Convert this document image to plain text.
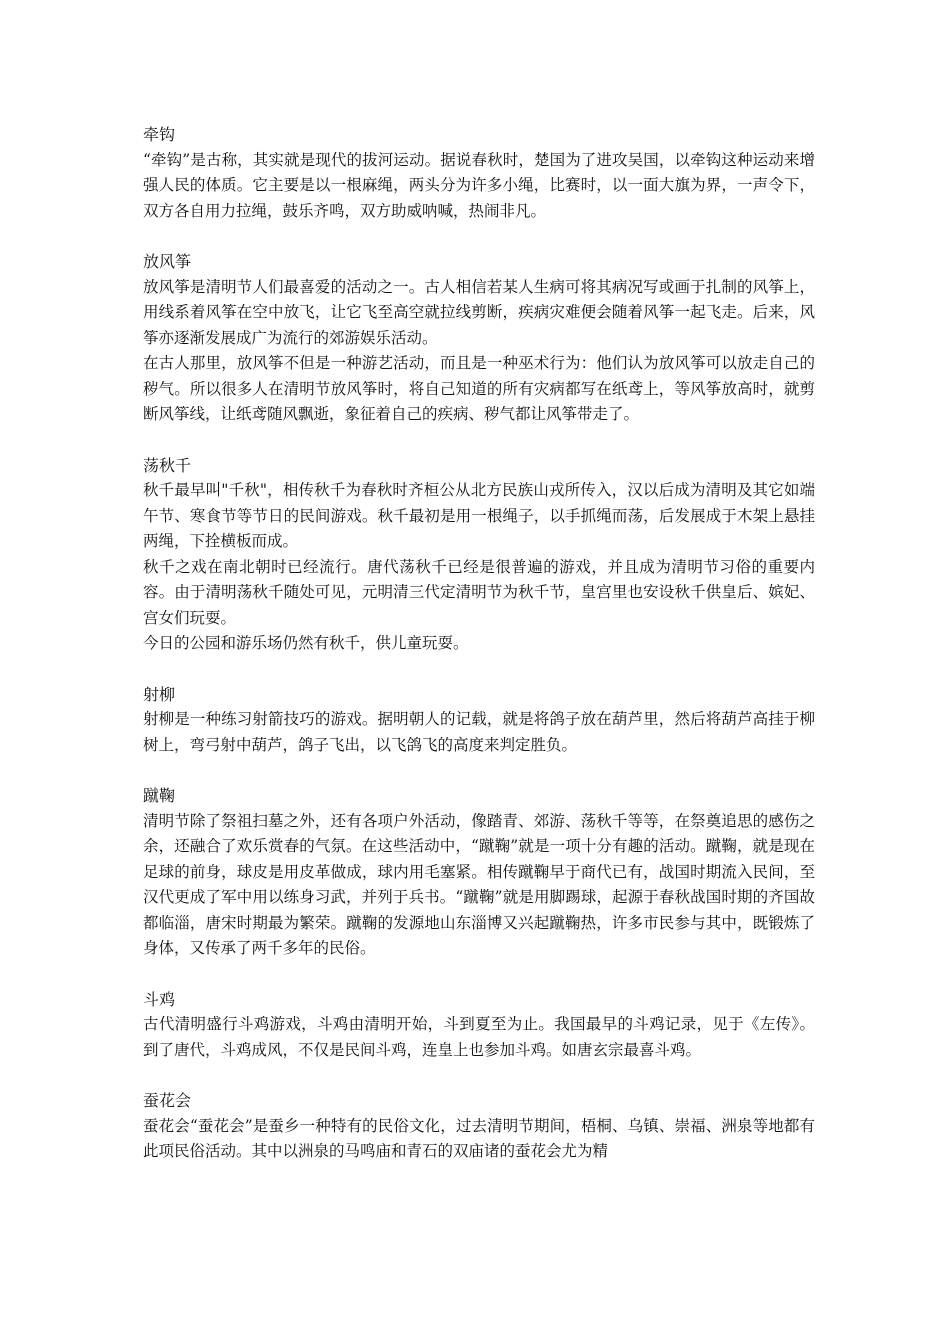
牵钩

“牵钩”是古称，其实就是现代的拔河运动。据说春秋时，楚国为了进攻吴国，以牵钩这种运动来增强人民的体质。它主要是以一根麻绳，两头分为许多小绳，比赛时，以一面大旗为界，一声令下，双方各自用力拉绳，鼓乐齐鸣，双方助威呐喊，热闹非凡。

放风筝

放风筝是清明节人们最喜爱的活动之一。古人相信若某人生病可将其病况写或画于扎制的风筝上，用线系着风筝在空中放飞，让它飞至高空就拉线剪断，疾病灾难便会随着风筝一起飞走。后来，风筝亦逐渐发展成广为流行的郊游娱乐活动。

在古人那里，放风筝不但是一种游艺活动，而且是一种巫术行为：他们认为放风筝可以放走自己的秽气。所以很多人在清明节放风筝时，将自己知道的所有灾病都写在纸鸢上，等风筝放高时，就剪断风筝线，让纸鸢随风飘逝，象征着自己的疾病、秽气都让风筝带走了。

荡秋千

秋千最早叫"千秋"，相传秋千为春秋时齐桓公从北方民族山戎所传入，汉以后成为清明及其它如端午节、寒食节等节日的民间游戏。秋千最初是用一根绳子，以手抓绳而荡，后发展成于木架上悬挂两绳，下拴横板而成。

秋千之戏在南北朝时已经流行。唐代荡秋千已经是很普遍的游戏，并且成为清明节习俗的重要内容。由于清明荡秋千随处可见，元明清三代定清明节为秋千节，皇宫里也安设秋千供皇后、嫔妃、宫女们玩耍。

今日的公园和游乐场仍然有秋千，供儿童玩耍。

射柳

射柳是一种练习射箭技巧的游戏。据明朝人的记载，就是将鸽子放在葫芦里，然后将葫芦高挂于柳树上，弯弓射中葫芦，鸽子飞出，以飞鸽飞的高度来判定胜负。

蹴鞠

清明节除了祭祖扫墓之外，还有各项户外活动，像踏青、郊游、荡秋千等等，在祭奠追思的感伤之余，还融合了欢乐赏春的气氛。在这些活动中，“蹴鞠”就是一项十分有趣的活动。蹴鞠，就是现在足球的前身，球皮是用皮革做成，球内用毛塞紧。相传蹴鞠早于商代已有，战国时期流入民间，至汉代更成了军中用以练身习武，并列于兵书。“蹴鞠”就是用脚踢球，起源于春秋战国时期的齐国故都临淄，唐宋时期最为繁荣。蹴鞠的发源地山东淄博又兴起蹴鞠热，许多市民参与其中，既锻炼了身体，又传承了两千多年的民俗。

斗鸡

古代清明盛行斗鸡游戏，斗鸡由清明开始，斗到夏至为止。我国最早的斗鸡记录，见于《左传》。到了唐代，斗鸡成风，不仅是民间斗鸡，连皇上也参加斗鸡。如唐玄宗最喜斗鸡。

蚕花会

蚕花会“蚕花会”是蚕乡一种特有的民俗文化，过去清明节期间，梧桐、乌镇、崇福、洲泉等地都有此项民俗活动。其中以洲泉的马鸣庙和青石的双庙诸的蚕花会尤为精
